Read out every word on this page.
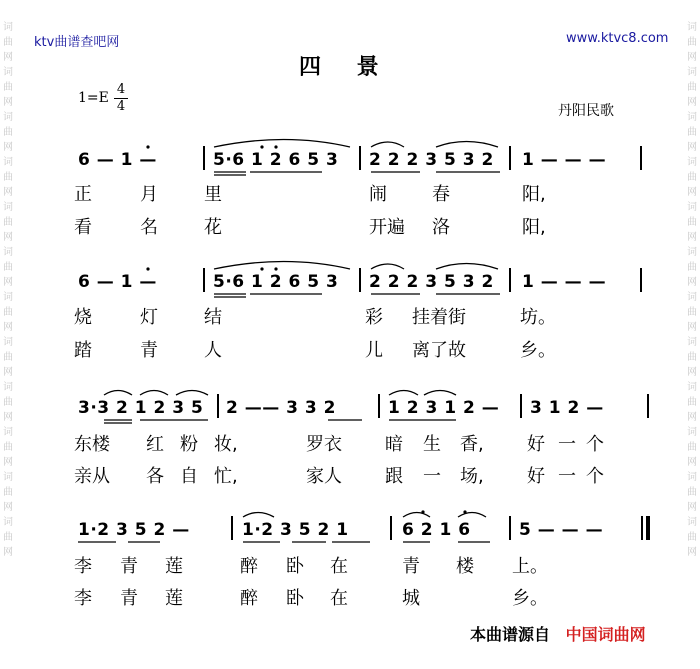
词曲网词曲网词曲网词曲网词曲网词曲网词曲网词曲网词曲网词曲网词曲网词曲网
词曲网词曲网词曲网词曲网词曲网词曲网词曲网词曲网词曲网词曲网词曲网词曲网
ktv曲谱查吧网	www.ktvc8.com
四 景
1=E
4
4	丹阳民歌
6 — 1 —	5·6 1 2 6 5 3 2 2 2 3 5 3 2 1 — — —
正	月	里	闹	春	阳,
看	名	花	开遍 洛	阳,
6 — 1 —	5·6 1 2 6 5 3 2 2 2 3 5 3 2 1 — — —
烧	灯	结	彩 挂着街	坊。
踏	青	人	儿 离了故	乡。
3·3 2 1 2 3 5 2 —— 3 3 2	1 2 3 1 2 — 3 1 2 —
东楼 红 粉 妆,	罗衣 暗 生 香, 好 一 个
亲从 各 自 忙,	家人 跟 一 场, 好 一 个
1·2 3 5 2 —	1·2 3 5 2 1	6 2 1 6	5 — — —
李 青 莲	醉 卧 在	青 楼 上。
李 青 莲	醉 卧 在	城	乡。
本曲谱源自 中国词曲网
